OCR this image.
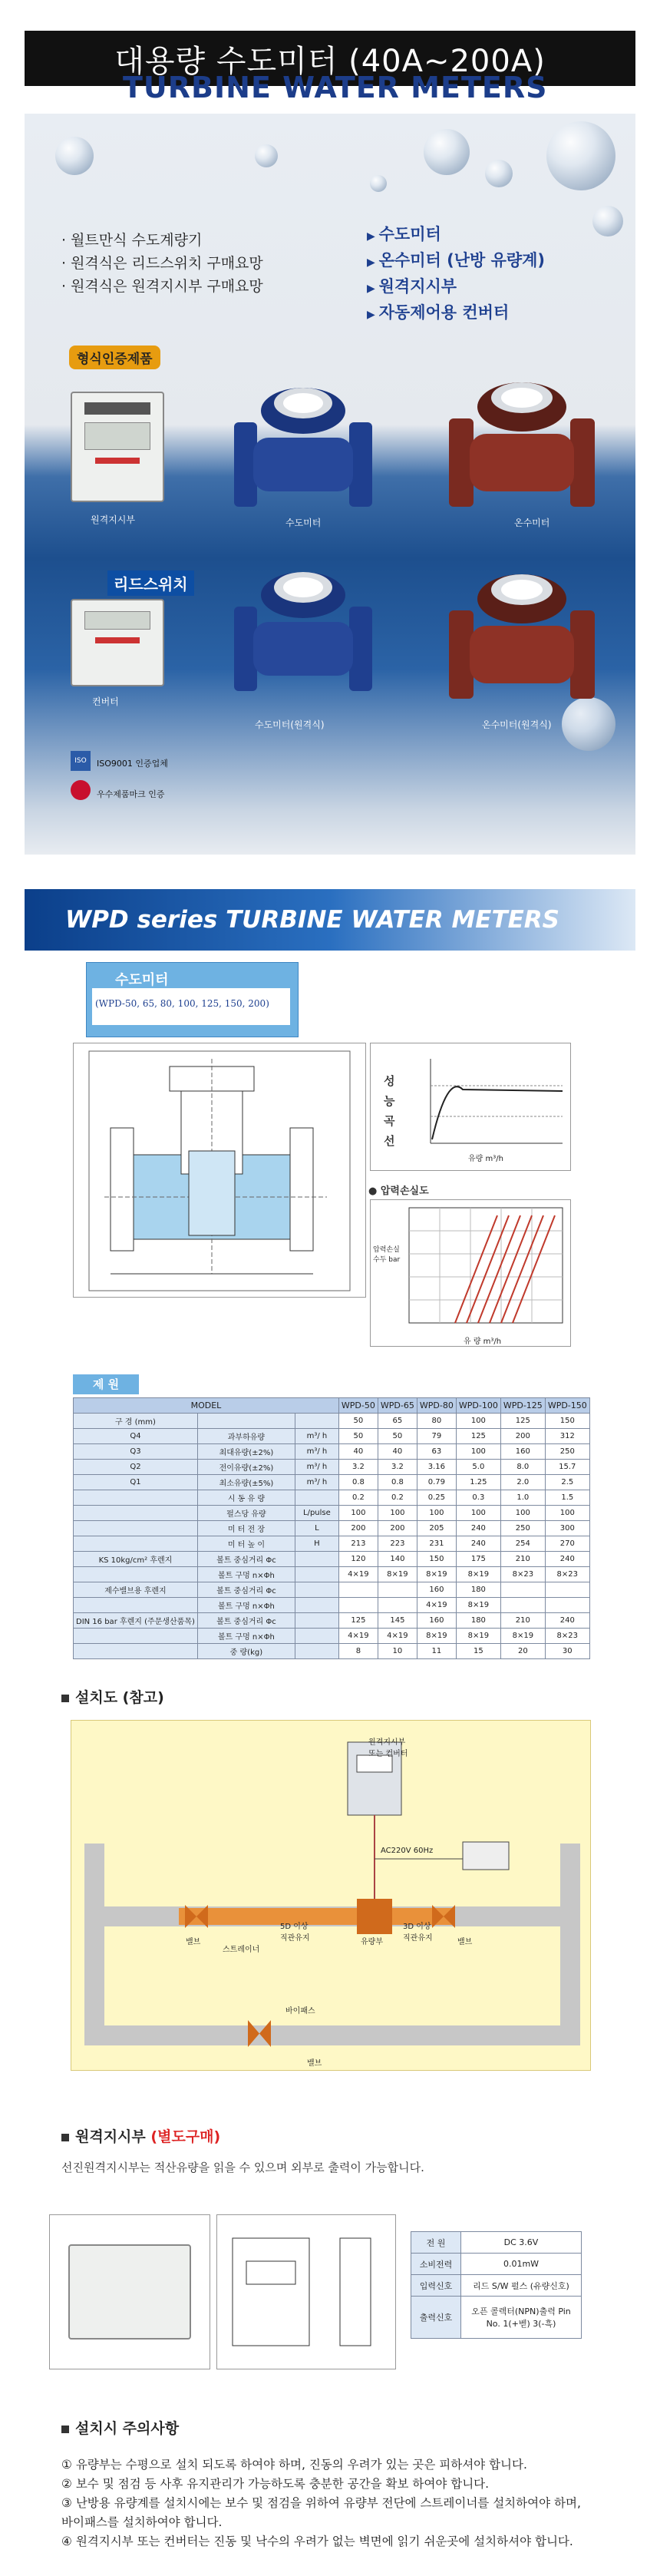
대용량 수도미터 (40A~200A)
TURBINE WATER METERS
· 월트만식 수도계량기
· 원격식은 리드스위치 구매요망
· 원격식은 원격지시부 구매요망
▶ 수도미터
▶ 온수미터 (난방 유량계)
▶ 원격지시부
▶ 자동제어용 컨버터
형식인증제품
원격지시부	수도미터	온수미터
리드스위치
컨버터
수도미터(원격식)	온수미터(원격식)
ISO	ISO9001 인증업체
우수제품마크 인증
WPD series TURBINE WATER METERS
수도미터
(WPD-50, 65, 80, 100, 125, 150, 200)
성 능 곡 선
유량 m³/h
● 압력손실도
유 량 m³/h
압력손실수두 bar
제 원
MODEL			WPD-50	WPD-65	WPD-80	WPD-100	WPD-125	WPD-150
구 경 (mm)			50	65	80	100	125	150
Q4	과부하유량	m³/ h	50	50	79	125	200	312
Q3	최대유량(±2%)	m³/ h	40	40	63	100	160	250
Q2	전이유량(±2%)	m³/ h	3.2	3.2	3.16	5.0	8.0	15.7
Q1	최소유량(±5%)	m³/ h	0.8	0.8	0.79	1.25	2.0	2.5
	시 동 유 량		0.2	0.2	0.25	0.3	1.0	1.5
	펄스당 유량	L/pulse	100	100	100	100	100	100
	미 터 전 장	L	200	200	205	240	250	300
	미 터 높 이	H	213	223	231	240	254	270
KS 10kg/cm² 후렌지	볼트 중심거리 Φc		120	140	150	175	210	240
	볼트 구멍 n×Φh		4×19	8×19	8×19	8×19	8×23	8×23
제수밸브용 후렌지	볼트 중심거리 Φc				160	180		
	볼트 구멍 n×Φh				4×19	8×19		
DIN 16 bar 후렌지 (주문생산품목)	볼트 중심거리 Φc		125	145	160	180	210	240
	볼트 구멍 n×Φh		4×19	4×19	8×19	8×19	8×19	8×23
	중 량(kg)		8	10	11	15	20	30
설치도 (참고)
원격지시부
또는 컨버터
AC220V 60Hz
밸브
스트레이너
5D 이상
직관유지	유량부
3D 이상
직관유지	밸브
바이패스
밸브
원격지시부 (별도구매)
선진원격지시부는 적산유량을 읽을 수 있으며 외부로 출력이 가능합니다.
전 원	DC 3.6V
소비전력	0.01mW
입력신호	리드 S/W 펄스 (유량신호)
출력신호	오픈 콜렉터(NPN)출력 Pin No. 1(+벧) 3(-흑)
설치시 주의사항
① 유량부는 수평으로 설치 되도록 하여야 하며, 진동의 우려가 있는 곳은 피하셔야 합니다.
② 보수 및 점검 등 사후 유지관리가 가능하도록 충분한 공간을 확보 하여야 합니다.
③ 난방용 유량계를 설치시에는 보수 및 점검을 위하여 유량부 전단에 스트레이너를 설치하여야 하며,
바이패스를 설치하여야 합니다.
④ 원격지시부 또는 컨버터는 진동 및 낙수의 우려가 없는 벽면에 읽기 쉬운곳에 설치하셔야 합니다.
